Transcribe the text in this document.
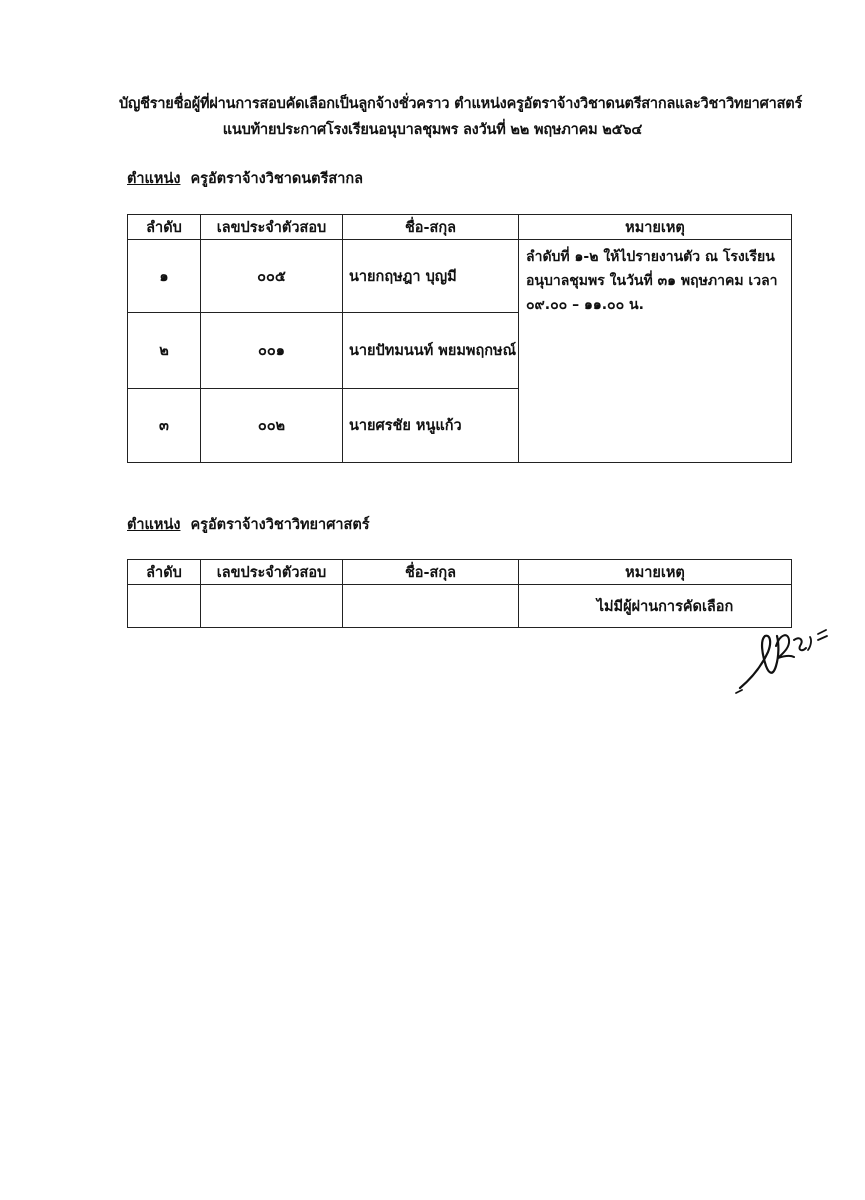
บัญชีรายชื่อผู้ที่ผ่านการสอบคัดเลือกเป็นลูกจ้างชั่วคราว ตำแหน่งครูอัตราจ้างวิชาดนตรีสากลและวิชาวิทยาศาสตร์
แนบท้ายประกาศโรงเรียนอนุบาลชุมพร ลงวันที่ ๒๒ พฤษภาคม ๒๕๖๔
ตำแหน่ง ครูอัตราจ้างวิชาดนตรีสากล
ลำดับ	เลขประจำตัวสอบ	ชื่อ-สกุล	หมายเหตุ
๑	๐๐๕	นายกฤษฎา บุญมี	ลำดับที่ ๑-๒ ให้ไปรายงานตัว ณ โรงเรียนอนุบาลชุมพร ในวันที่ ๓๑ พฤษภาคม เวลา ๐๙.๐๐ – ๑๑.๐๐ น.
๒	๐๐๑	นายปัทมนนท์ พยมพฤกษณ์	
๓	๐๐๒	นายศรชัย หนูแก้ว	
ตำแหน่ง ครูอัตราจ้างวิชาวิทยาศาสตร์
ลำดับ	เลขประจำตัวสอบ	ชื่อ-สกุล	หมายเหตุ
			ไม่มีผู้ผ่านการคัดเลือก
